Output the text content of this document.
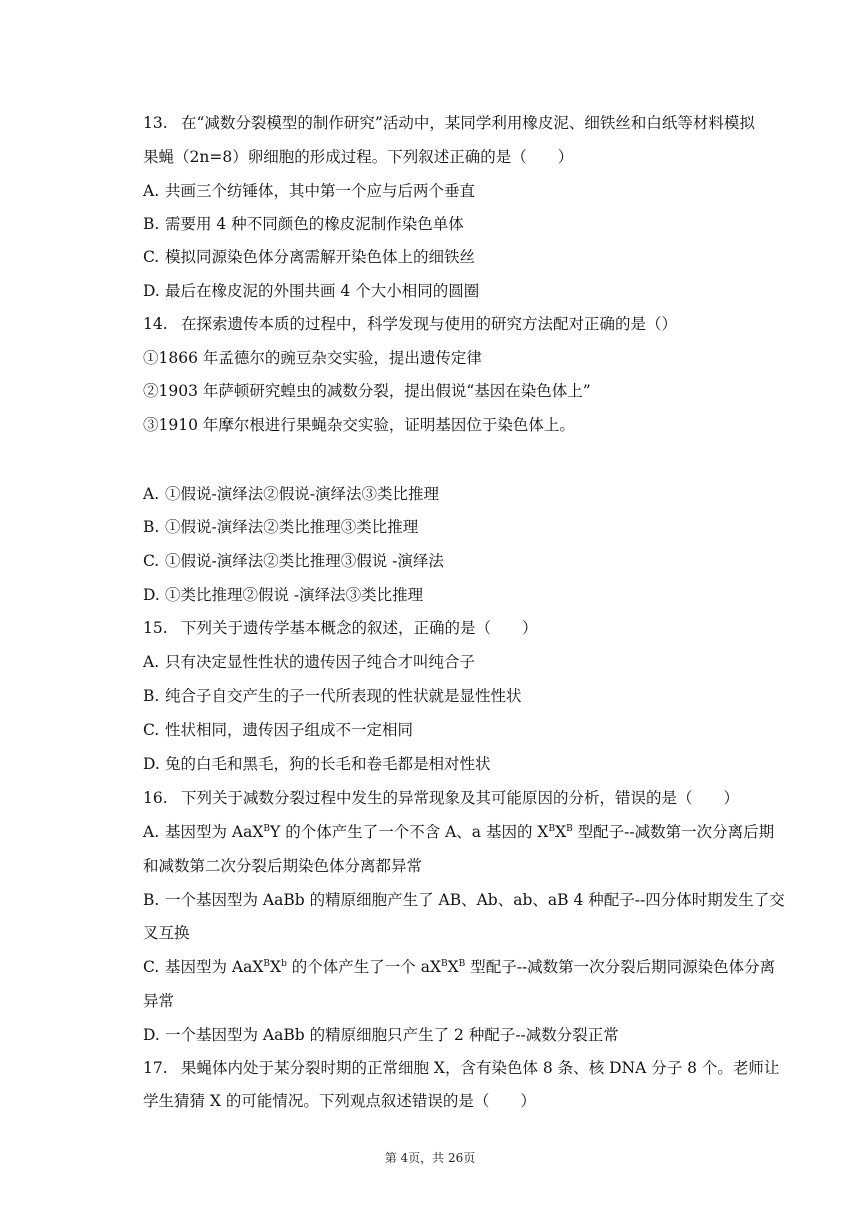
13. 在“减数分裂模型的制作研究”活动中，某同学利用橡皮泥、细铁丝和白纸等材料模拟
果蝇（2n=8）卵细胞的形成过程。下列叙述正确的是（　　）
A. 共画三个纺锤体，其中第一个应与后两个垂直
B. 需要用 4 种不同颜色的橡皮泥制作染色单体
C. 模拟同源染色体分离需解开染色体上的细铁丝
D. 最后在橡皮泥的外围共画 4 个大小相同的圆圈
14. 在探索遗传本质的过程中，科学发现与使用的研究方法配对正确的是（）
①1866 年孟德尔的豌豆杂交实验，提出遗传定律
②1903 年萨顿研究蝗虫的减数分裂，提出假说“基因在染色体上”
③1910 年摩尔根进行果蝇杂交实验，证明基因位于染色体上。
A. ①假说-演绎法②假说-演绎法③类比推理
B. ①假说-演绎法②类比推理③类比推理
C. ①假说-演绎法②类比推理③假说 -演绎法
D. ①类比推理②假说 -演绎法③类比推理
15. 下列关于遗传学基本概念的叙述，正确的是（　　）
A. 只有决定显性性状的遗传因子纯合才叫纯合子
B. 纯合子自交产生的子一代所表现的性状就是显性性状
C. 性状相同，遗传因子组成不一定相同
D. 兔的白毛和黑毛，狗的长毛和卷毛都是相对性状
16. 下列关于减数分裂过程中发生的异常现象及其可能原因的分析，错误的是（　　）
A. 基因型为 AaX$^B$Y 的个体产生了一个不含 A、a 基因的 $X^BX^B$ 型配子--减数第一次分离后期
和减数第二次分裂后期染色体分离都异常
B. 一个基因型为 AaBb 的精原细胞产生了 AB、Ab、ab、aB 4 种配子--四分体时期发生了交
叉互换
C. 基因型为 $AaX^BX^b$ 的个体产生了一个 $aX^BX^B$ 型配子--减数第一次分裂后期同源染色体分离
异常
D. 一个基因型为 AaBb 的精原细胞只产生了 2 种配子--减数分裂正常
17. 果蝇体内处于某分裂时期的正常细胞 X，含有染色体 8 条、核 DNA 分子 8 个。老师让
学生猜猜 X 的可能情况。下列观点叙述错误的是（　　）
第 4页，共 26页
